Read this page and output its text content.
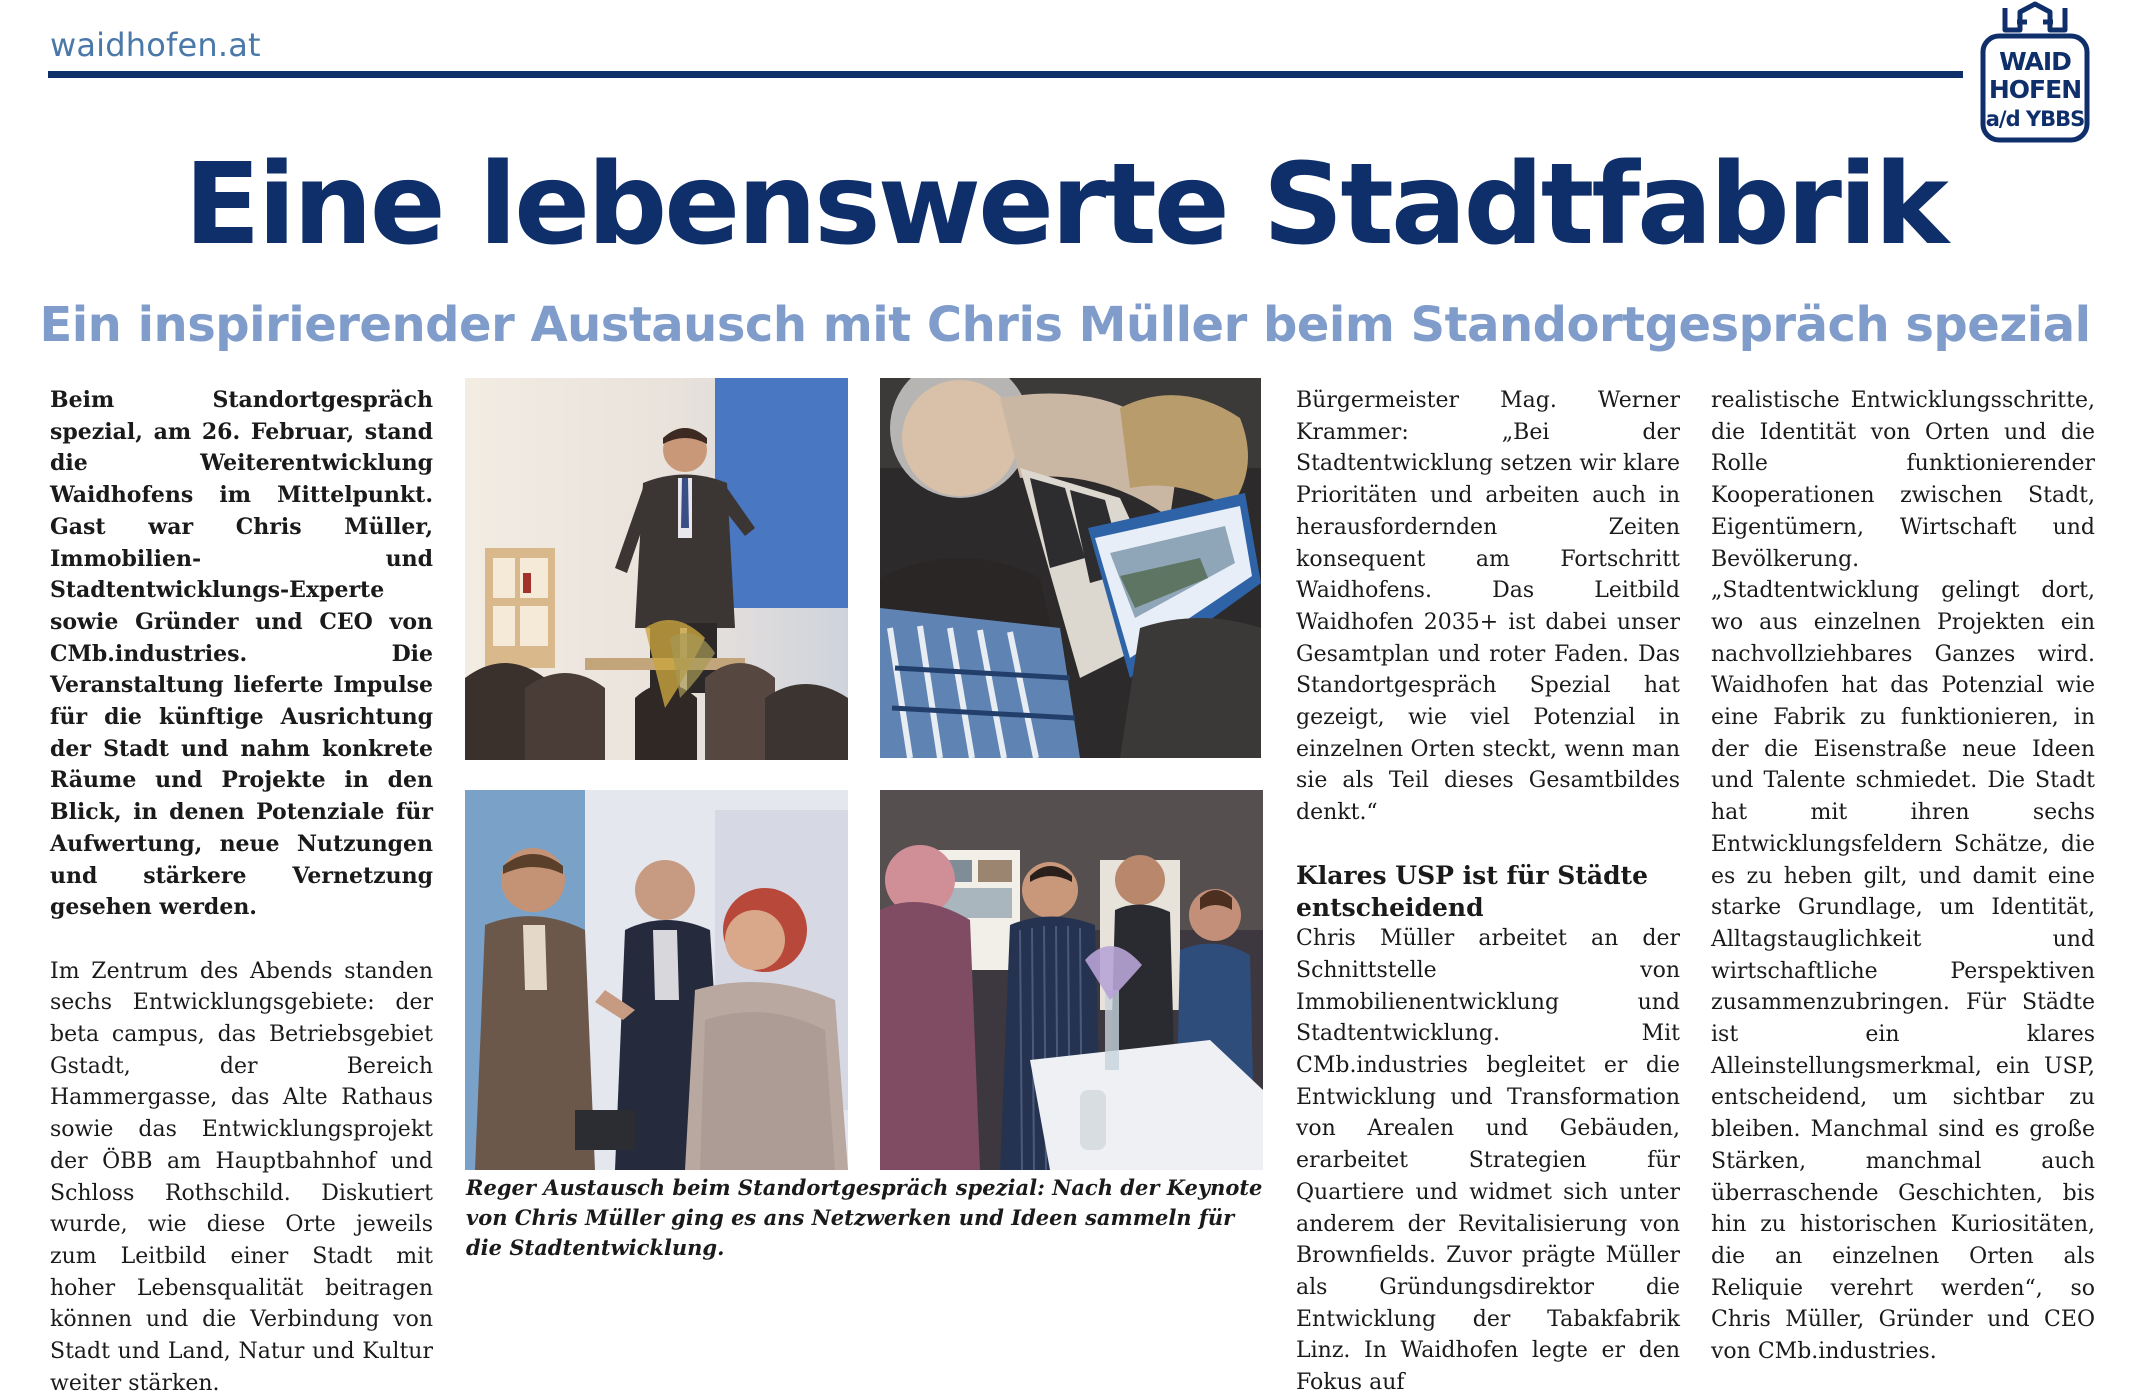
waidhofen.at	WAID
HOFEN
a/d YBBS
Eine lebenswerte Stadtfabrik
Ein inspirierender Austausch mit Chris Müller beim Standortgespräch spezial

Beim Standortgespräch spezial, am 26. Februar, stand die Weiterentwicklung Waidhofens im Mittelpunkt. Gast war Chris Müller, Immobilien- und Stadtentwicklungs-Experte sowie Gründer und CEO von CMb.industries. Die Veranstaltung lieferte Impulse für die künftige Ausrichtung der Stadt und nahm konkrete Räume und Projekte in den Blick, in denen Potenziale für Aufwertung, neue Nutzungen und stärkere Vernetzung gesehen werden.

Im Zentrum des Abends standen sechs Entwicklungsgebiete: der beta campus, das Betriebsgebiet Gstadt, der Bereich Hammergasse, das Alte Rathaus sowie das Entwicklungsprojekt der ÖBB am Hauptbahnhof und Schloss Rothschild. Diskutiert wurde, wie diese Orte jeweils zum Leitbild einer Stadt mit hoher Lebensqualität beitragen können und die Verbindung von Stadt und Land, Natur und Kultur weiter stärken.

Reger Austausch beim Standortgespräch spezial: Nach der Keynote von Chris Müller ging es ans Netzwerken und Ideen sammeln für die Stadtentwicklung.

Bürgermeister Mag. Werner Krammer: „Bei der Stadtentwicklung setzen wir klare Prioritäten und arbeiten auch in herausfordernden Zeiten konsequent am Fortschritt Waidhofens. Das Leitbild Waidhofen 2035+ ist dabei unser Gesamtplan und roter Faden. Das Standortgespräch Spezial hat gezeigt, wie viel Potenzial in einzelnen Orten steckt, wenn man sie als Teil dieses Gesamtbildes denkt.“

Klares USP ist für Städte entscheidend

Chris Müller arbeitet an der Schnittstelle von Immobilienentwicklung und Stadtentwicklung. Mit CMb.industries begleitet er die Entwicklung und Transformation von Arealen und Gebäuden, erarbeitet Strategien für Quartiere und widmet sich unter anderem der Revitalisierung von Brownfields. Zuvor prägte Müller als Gründungsdirektor die Entwicklung der Tabakfabrik Linz. In Waidhofen legte er den Fokus auf

realistische Entwicklungsschritte, die Identität von Orten und die Rolle funktionierender Kooperationen zwischen Stadt, Eigentümern, Wirtschaft und Bevölkerung.

„Stadtentwicklung gelingt dort, wo aus einzelnen Projekten ein nachvollziehbares Ganzes wird. Waidhofen hat das Potenzial wie eine Fabrik zu funktionieren, in der die Eisenstraße neue Ideen und Talente schmiedet. Die Stadt hat mit ihren sechs Entwicklungsfeldern Schätze, die es zu heben gilt, und damit eine starke Grundlage, um Identität, Alltagstauglichkeit und wirtschaftliche Perspektiven zusammenzubringen. Für Städte ist ein klares Alleinstellungsmerkmal, ein USP, entscheidend, um sichtbar zu bleiben. Manchmal sind es große Stärken, manchmal auch überraschende Geschichten, bis hin zu historischen Kuriositäten, die an einzelnen Orten als Reliquie verehrt werden“, so Chris Müller, Gründer und CEO von CMb.industries.
